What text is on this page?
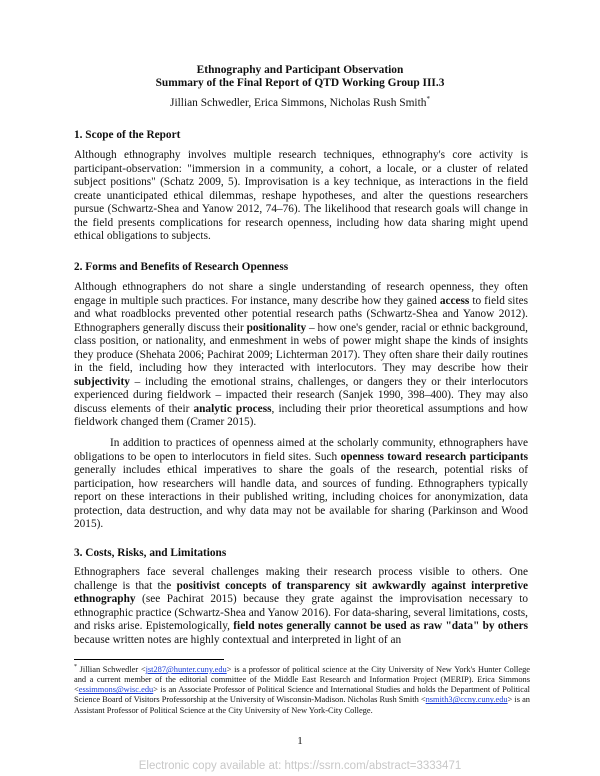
Ethnography and Participant Observation
Summary of the Final Report of QTD Working Group III.3
Jillian Schwedler, Erica Simmons, Nicholas Rush Smith*
1. Scope of the Report

Although ethnography involves multiple research techniques, ethnography's core activity is participant-observation: "immersion in a community, a cohort, a locale, or a cluster of related subject positions" (Schatz 2009, 5). Improvisation is a key technique, as interactions in the field create unanticipated ethical dilemmas, reshape hypotheses, and alter the questions researchers pursue (Schwartz-Shea and Yanow 2012, 74–76). The likelihood that research goals will change in the field presents complications for research openness, including how data sharing might upend ethical obligations to subjects.

2. Forms and Benefits of Research Openness

Although ethnographers do not share a single understanding of research openness, they often engage in multiple such practices. For instance, many describe how they gained access to field sites and what roadblocks prevented other potential research paths (Schwartz-Shea and Yanow 2012). Ethnographers generally discuss their positionality – how one's gender, racial or ethnic background, class position, or nationality, and enmeshment in webs of power might shape the kinds of insights they produce (Shehata 2006; Pachirat 2009; Lichterman 2017). They often share their daily routines in the field, including how they interacted with interlocutors. They may describe how their subjectivity – including the emotional strains, challenges, or dangers they or their interlocutors experienced during fieldwork – impacted their research (Sanjek 1990, 398–400). They may also discuss elements of their analytic process, including their prior theoretical assumptions and how fieldwork changed them (Cramer 2015).

In addition to practices of openness aimed at the scholarly community, ethnographers have obligations to be open to interlocutors in field sites. Such openness toward research participants generally includes ethical imperatives to share the goals of the research, potential risks of participation, how researchers will handle data, and sources of funding. Ethnographers typically report on these interactions in their published writing, including choices for anonymization, data protection, data destruction, and why data may not be available for sharing (Parkinson and Wood 2015).

3. Costs, Risks, and Limitations

Ethnographers face several challenges making their research process visible to others. One challenge is that the positivist concepts of transparency sit awkwardly against interpretive ethnography (see Pachirat 2015) because they grate against the improvisation necessary to ethnographic practice (Schwartz-Shea and Yanow 2016). For data-sharing, several limitations, costs, and risks arise. Epistemologically, field notes generally cannot be used as raw "data" by others because written notes are highly contextual and interpreted in light of an

* Jillian Schwedler <jst287@hunter.cuny.edu> is a professor of political science at the City University of New York's Hunter College and a current member of the editorial committee of the Middle East Research and Information Project (MERIP). Erica Simmons <essimmons@wisc.edu> is an Associate Professor of Political Science and International Studies and holds the Department of Political Science Board of Visitors Professorship at the University of Wisconsin-Madison. Nicholas Rush Smith <nsmith3@ccny.cuny.edu> is an Assistant Professor of Political Science at the City University of New York-City College.

1
Electronic copy available at: https://ssrn.com/abstract=3333471
